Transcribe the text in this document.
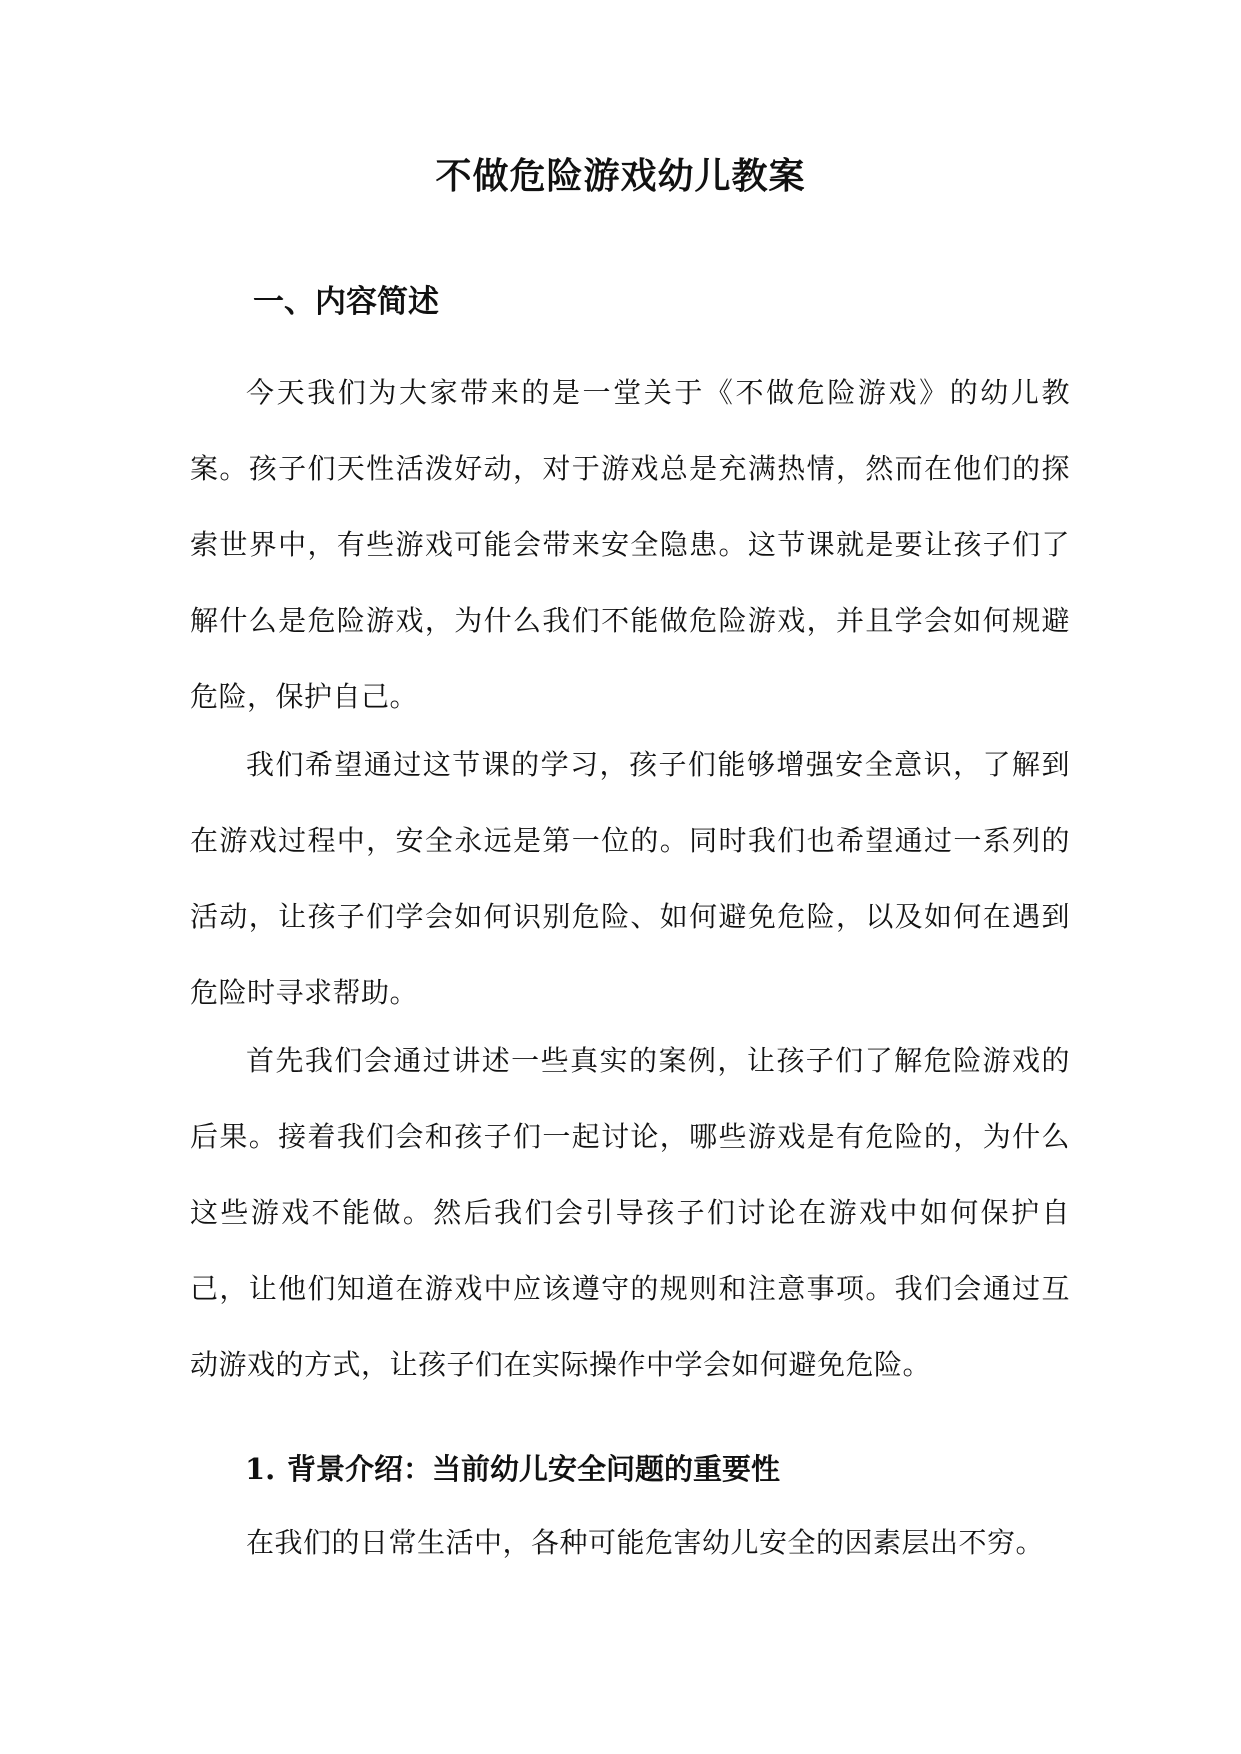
不做危险游戏幼儿教案
一、内容简述
今天我们为大家带来的是一堂关于《不做危险游戏》的幼儿教案。孩子们天性活泼好动，对于游戏总是充满热情，然而在他们的探索世界中，有些游戏可能会带来安全隐患。这节课就是要让孩子们了解什么是危险游戏，为什么我们不能做危险游戏，并且学会如何规避危险，保护自己。
我们希望通过这节课的学习，孩子们能够增强安全意识，了解到在游戏过程中，安全永远是第一位的。同时我们也希望通过一系列的活动，让孩子们学会如何识别危险、如何避免危险，以及如何在遇到危险时寻求帮助。
首先我们会通过讲述一些真实的案例，让孩子们了解危险游戏的后果。接着我们会和孩子们一起讨论，哪些游戏是有危险的，为什么这些游戏不能做。然后我们会引导孩子们讨论在游戏中如何保护自己，让他们知道在游戏中应该遵守的规则和注意事项。我们会通过互动游戏的方式，让孩子们在实际操作中学会如何避免危险。
1. 背景介绍：当前幼儿安全问题的重要性
在我们的日常生活中，各种可能危害幼儿安全的因素层出不穷。
